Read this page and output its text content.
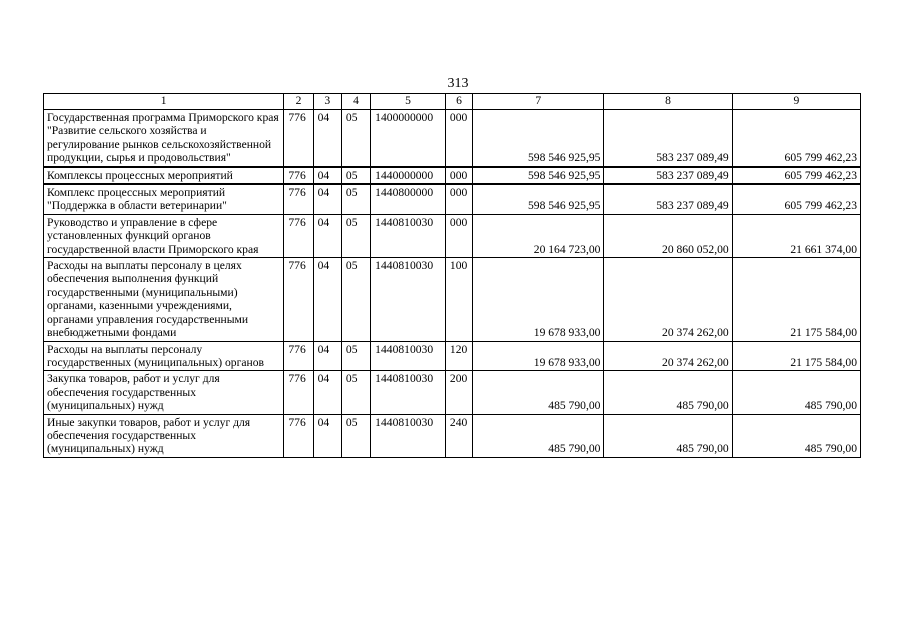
313
1	2	3	4	5	6	7	8	9
Государственная программа Приморского края "Развитие сельского хозяйства и регулирование рынков сельскохозяйственной продукции, сырья и продовольствия"	776	04	05	1400000000	000	598 546 925,95	583 237 089,49	605 799 462,23
Комплексы процессных мероприятий	776	04	05	1440000000	000	598 546 925,95	583 237 089,49	605 799 462,23
Комплекс процессных мероприятий "Поддержка в области ветеринарии"	776	04	05	1440800000	000	598 546 925,95	583 237 089,49	605 799 462,23
Руководство и управление в сфере установленных функций органов государственной власти Приморского края	776	04	05	1440810030	000	20 164 723,00	20 860 052,00	21 661 374,00
Расходы на выплаты персоналу в целях обеспечения выполнения функций государственными (муниципальными) органами, казенными учреждениями, органами управления государственными внебюджетными фондами	776	04	05	1440810030	100	19 678 933,00	20 374 262,00	21 175 584,00
Расходы на выплаты персоналу государственных (муниципальных) органов	776	04	05	1440810030	120	19 678 933,00	20 374 262,00	21 175 584,00
Закупка товаров, работ и услуг для обеспечения государственных (муниципальных) нужд	776	04	05	1440810030	200	485 790,00	485 790,00	485 790,00
Иные закупки товаров, работ и услуг для обеспечения государственных (муниципальных) нужд	776	04	05	1440810030	240	485 790,00	485 790,00	485 790,00
